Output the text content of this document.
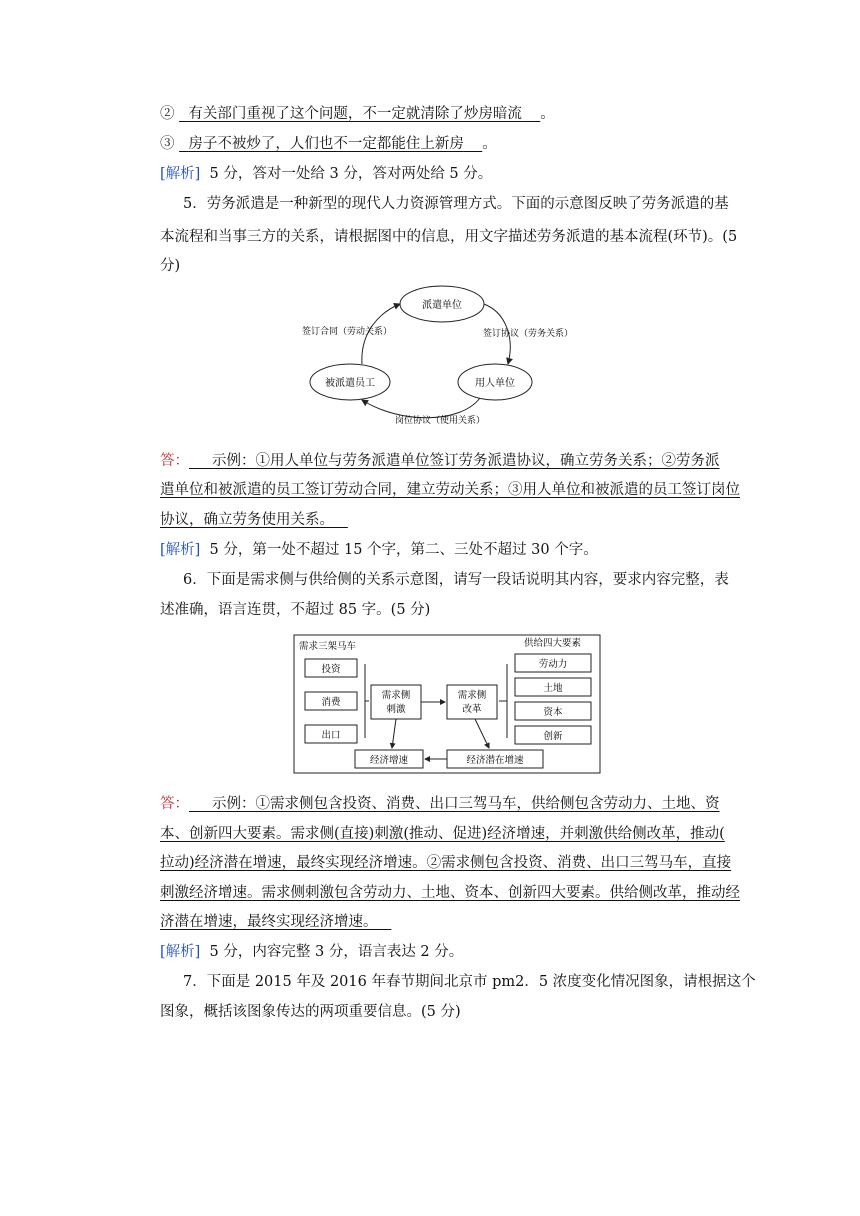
② 有关部门重视了这个问题，不一定就清除了炒房暗流 。
③ 房子不被炒了，人们也不一定都能住上新房 。
[解析] 5 分，答对一处给 3 分，答对两处给 5 分。
5．劳务派遣是一种新型的现代人力资源管理方式。下面的示意图反映了劳务派遣的基
本流程和当事三方的关系，请根据图中的信息，用文字描述劳务派遣的基本流程(环节)。(5
分)
派遣单位
被派遣员工	用人单位
签订合同（劳动关系）	签订协议（劳务关系）
岗位协议（使用关系）
答： 示例：①用人单位与劳务派遣单位签订劳务派遣协议，确立劳务关系；②劳务派
遣单位和被派遣的员工签订劳动合同，建立劳动关系；③用人单位和被派遣的员工签订岗位
协议，确立劳务使用关系。
[解析] 5 分，第一处不超过 15 个字，第二、三处不超过 30 个字。
6．下面是需求侧与供给侧的关系示意图，请写一段话说明其内容，要求内容完整，表
述准确，语言连贯，不超过 85 字。(5 分)
需求三架马车	供给四大要素
投资
消费
出口
需求侧
刺激
需求侧
改革
劳动力
土地
资本
创新
经济增速	经济潜在增速
答： 示例：①需求侧包含投资、消费、出口三驾马车，供给侧包含劳动力、土地、资
本、创新四大要素。需求侧(直接)刺激(推动、促进)经济增速，并刺激供给侧改革，推动(
拉动)经济潜在增速，最终实现经济增速。②需求侧包含投资、消费、出口三驾马车，直接
刺激经济增速。需求侧刺激包含劳动力、土地、资本、创新四大要素。供给侧改革，推动经
济潜在增速，最终实现经济增速。
[解析] 5 分，内容完整 3 分，语言表达 2 分。
7．下面是 2015 年及 2016 年春节期间北京市 pm2．5 浓度变化情况图象，请根据这个
图象，概括该图象传达的两项重要信息。(5 分)
